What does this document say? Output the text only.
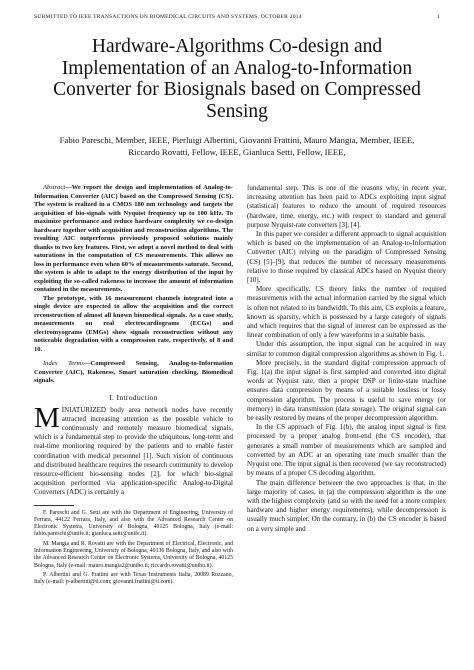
SUBMITTED TO IEEE TRANSACTIONS ON BIOMEDICAL CIRCUITS AND SYSTEMS, OCTOBER 2014	1
Hardware-Algorithms Co-design and
Implementation of an Analog-to-Information
Converter for Biosignals based on Compressed
Sensing
Fabio Pareschi, Member, IEEE, Pierluigi Albertini, Giovanni Frattini, Mauro Mangia, Member, IEEE,
Riccardo Rovatti, Fellow, IEEE, Gianluca Setti, Fellow, IEEE,

Abstract—We report the design and implementation of Analog-to-Information Converter (AIC) based on the Compressed Sensing (CS). The system is realized in a CMOS 180 nm technology and targets the acquisition of bio-signals with Nyquist frequency up to 100 kHz. To maximize performance and reduce hardware complexity we co-design hardware together with acquisition and reconstruction algorithms. The resulting AIC outperforms previously proposed solutions mainly thanks to two key features. First, we adopt a novel method to deal with saturations in the computation of CS measurements. This allows no loss in performance even when 60% of measurements saturate. Second, the system is able to adapt to the energy distribution of the input by exploiting the so-called rakeness to increase the amount of information contained in the measurements.

The prototype, with 16 measurement channels integrated into a single device are expected to allow the acquisition and the correct reconstruction of almost all known biomedical signals. As a case study, measurements on real electrocardiograms (ECGs) and electromyograms (EMGs) show signals reconstruction without any noticeable degradation with a compression rate, respectively, of 8 and 10.

Index Terms—Compressed Sensing, Analog-to-Information Converter (AIC), Rakeness, Smart saturation checking, Biomedical signals.

I. Introduction

MINIATURIZED body area network nodes have recently attracted increasing attention as the possible vehicle to continuously and remotely measure biomedical signals, which is a fundamental step to provide the ubiquitous, long-term and real-time monitoring required by the patients and to enable faster coordination with medical personnel [1]. Such vision of continuous and distributed healthcare requires the research community to develop resource-efficient bio-sensing nodes [2], for which bio-signal acquisition performed via application-specific Analog-to-Digital Converters (ADC) is certainly a

F. Pareschi and G. Setti are with the Department of Engineering, University of Ferrara, 44122 Ferrara, Italy, and also with the Advanced Research Center on Electronic Systems, University of Bologna, 40125 Bologna, Italy (e-mail: fabio.pareschi@unife.it; gianluca.setti@unife.it).

M. Mangia and R. Rovatti are with the Department of Electrical, Electronic, and Information Engineering, University of Bologna, 40136 Bologna, Italy, and also with the Advanced Research Center on Electronic Systems, University of Bologna, 40125 Bologna, Italy (e-mail: mauro.mangia2@unibo.it; riccardo.rovatti@unibo.it).

P. Albertini and G. Frattini are with Texas Instruments Italia, 20089 Rozzano, Italy (e-mail: p-albertini@ti.com; giovanni.frattini@ti.com).

fundamental step. This is one of the reasons why, in recent year, increasing attention has been paid to ADCs exploiting input signal (statistical) features to reduce the amount of required resources (hardware, time, energy, etc.) with respect to standard and general purpose Nyquist-rate converters [3], [4].

In this paper we consider a different approach to signal acquisition which is based on the implementation of an Analog-to-Information Converter (AIC) relying on the paradigm of Compressed Sensing (CS) [5]–[9], that reduces the number of necessary measurements relative to those required by classical ADCs based on Nyquist theory [10].

More specifically, CS theory links the number of required measurements with the actual information carried by the signal which is often not related to its bandwidth. To this aim, CS exploits a feature, known as sparsity, which is possessed by a large category of signals and which requires that the signal of interest can be expressed as the linear combination of only a few waveforms in a suitable basis.

Under this assumption, the input signal can be acquired in way similar to common digital compression algorithms as shown in Fig. 1.

More precisely, in the standard digital compression approach of Fig. 1(a) the input signal is first sampled and converted into digital words at Nyquist rate, then a proper DSP or finite-state machine ensures data compression by means of a suitable lossless or lossy compression algorithm. The process is useful to save energy (or memory) in data transmission (data storage). The original signal can be easily restored by means of the proper decompression algorithm.

In the CS approach of Fig. 1(b), the analog input signal is first processed by a proper analog front-end (the CS encoder), that generates a small number of measurements which are sampled and converted by an ADC at an operating rate much smaller than the Nyquist one. The input signal is then recovered (we say reconstructed) by means of a proper CS decoding algorithm.

The main difference between the two approaches is that, in the large majority of cases, in (a) the compression algorithm is the one with the highest complexity (and so with the need for a more complex hardware and higher energy requirements), while decompression is usually much simpler. On the contrary, in (b) the CS encoder is based on a very simple and
